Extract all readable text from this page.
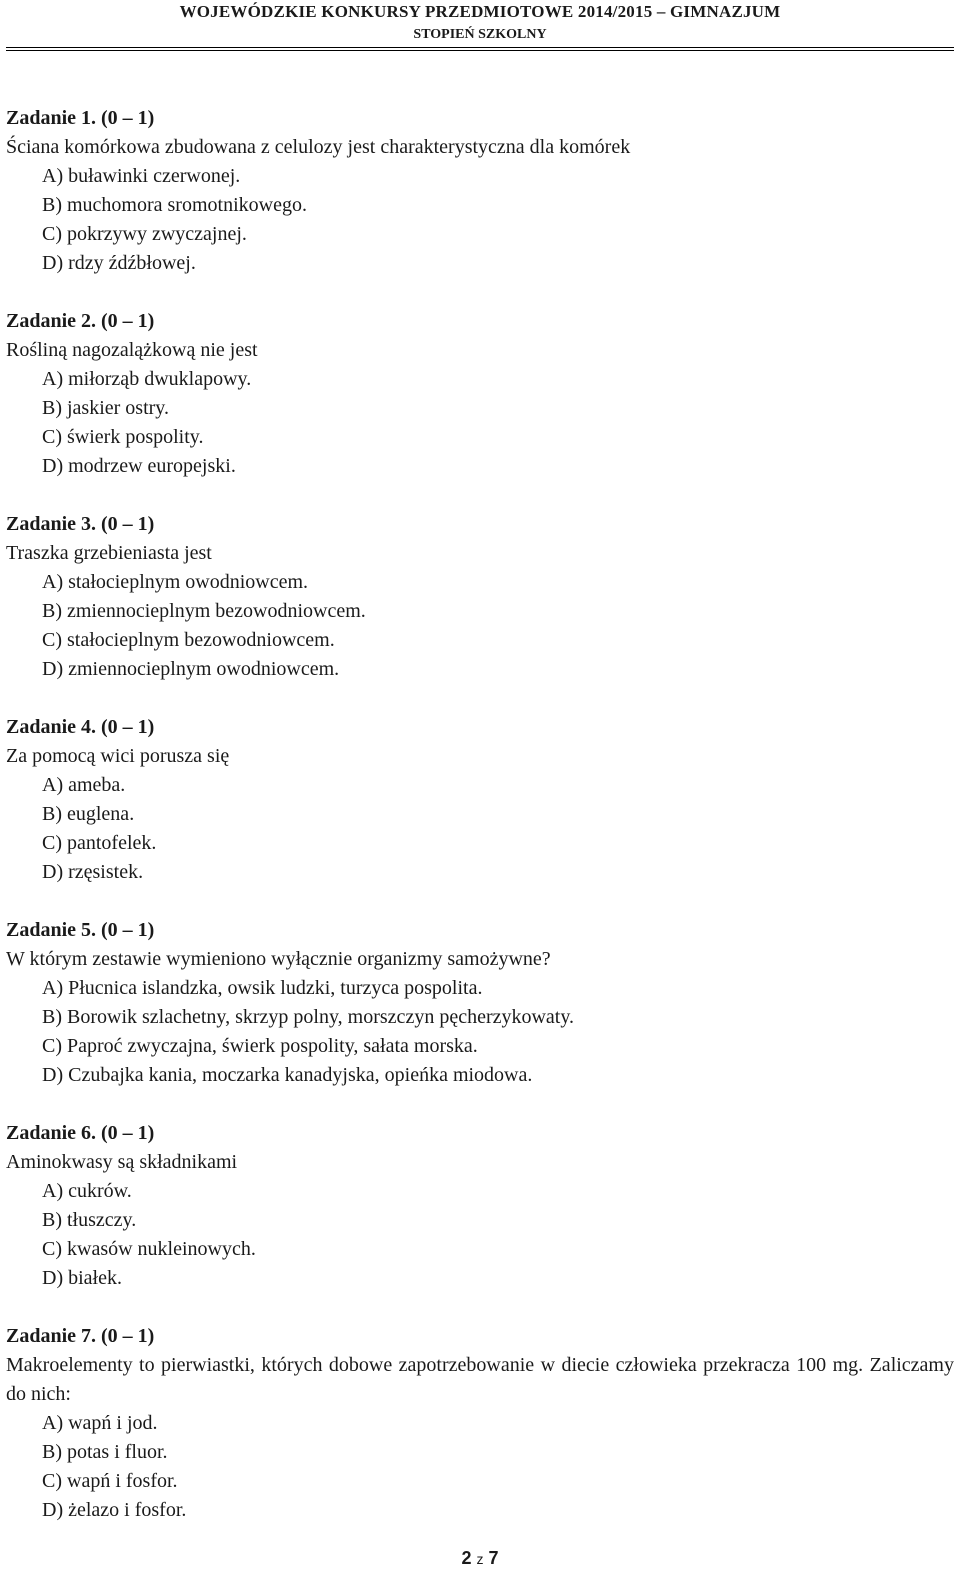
WOJEWÓDZKIE KONKURSY PRZEDMIOTOWE 2014/2015 – GIMNAZJUM
STOPIEŃ SZKOLNY
Zadanie 1. (0 – 1)
Ściana komórkowa zbudowana z celulozy jest charakterystyczna dla komórek
A) buławinki czerwonej.
B) muchomora sromotnikowego.
C) pokrzywy zwyczajnej.
D) rdzy źdźbłowej.
Zadanie 2. (0 – 1)
Rośliną nagozalążkową nie jest
A) miłorząb dwuklapowy.
B) jaskier ostry.
C) świerk pospolity.
D) modrzew europejski.
Zadanie 3. (0 – 1)
Traszka grzebieniasta jest
A) stałocieplnym owodniowcem.
B) zmiennocieplnym bezowodniowcem.
C) stałocieplnym bezowodniowcem.
D) zmiennocieplnym owodniowcem.
Zadanie 4. (0 – 1)
Za pomocą wici porusza się
A) ameba.
B) euglena.
C) pantofelek.
D) rzęsistek.
Zadanie 5. (0 – 1)
W którym zestawie wymieniono wyłącznie organizmy samożywne?
A) Płucnica islandzka, owsik ludzki, turzyca pospolita.
B) Borowik szlachetny, skrzyp polny, morszczyn pęcherzykowaty.
C) Paproć zwyczajna, świerk pospolity, sałata morska.
D) Czubajka kania, moczarka kanadyjska, opieńka miodowa.
Zadanie 6. (0 – 1)
Aminokwasy są składnikami
A) cukrów.
B) tłuszczy.
C) kwasów nukleinowych.
D) białek.
Zadanie 7. (0 – 1)
Makroelementy to pierwiastki, których dobowe zapotrzebowanie w diecie człowieka przekracza 100 mg. Zaliczamy do nich:
A) wapń i jod.
B) potas i fluor.
C) wapń i fosfor.
D) żelazo i fosfor.
2 z 7
